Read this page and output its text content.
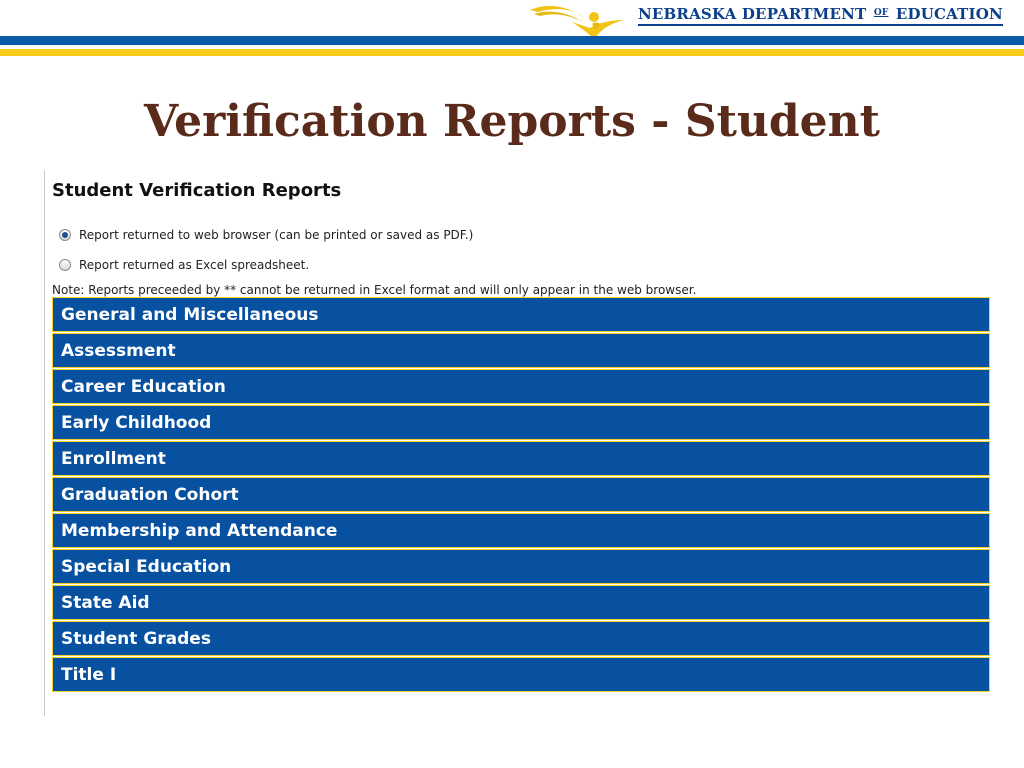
NEBRASKA DEPARTMENT $^{OF}$ EDUCATION
Verification Reports - Student
Student Verification Reports
Report returned to web browser (can be printed or saved as PDF.)
Report returned as Excel spreadsheet.
Note: Reports preceeded by ** cannot be returned in Excel format and will only appear in the web browser.
General and Miscellaneous
Assessment
Career Education
Early Childhood
Enrollment
Graduation Cohort
Membership and Attendance
Special Education
State Aid
Student Grades
Title I
